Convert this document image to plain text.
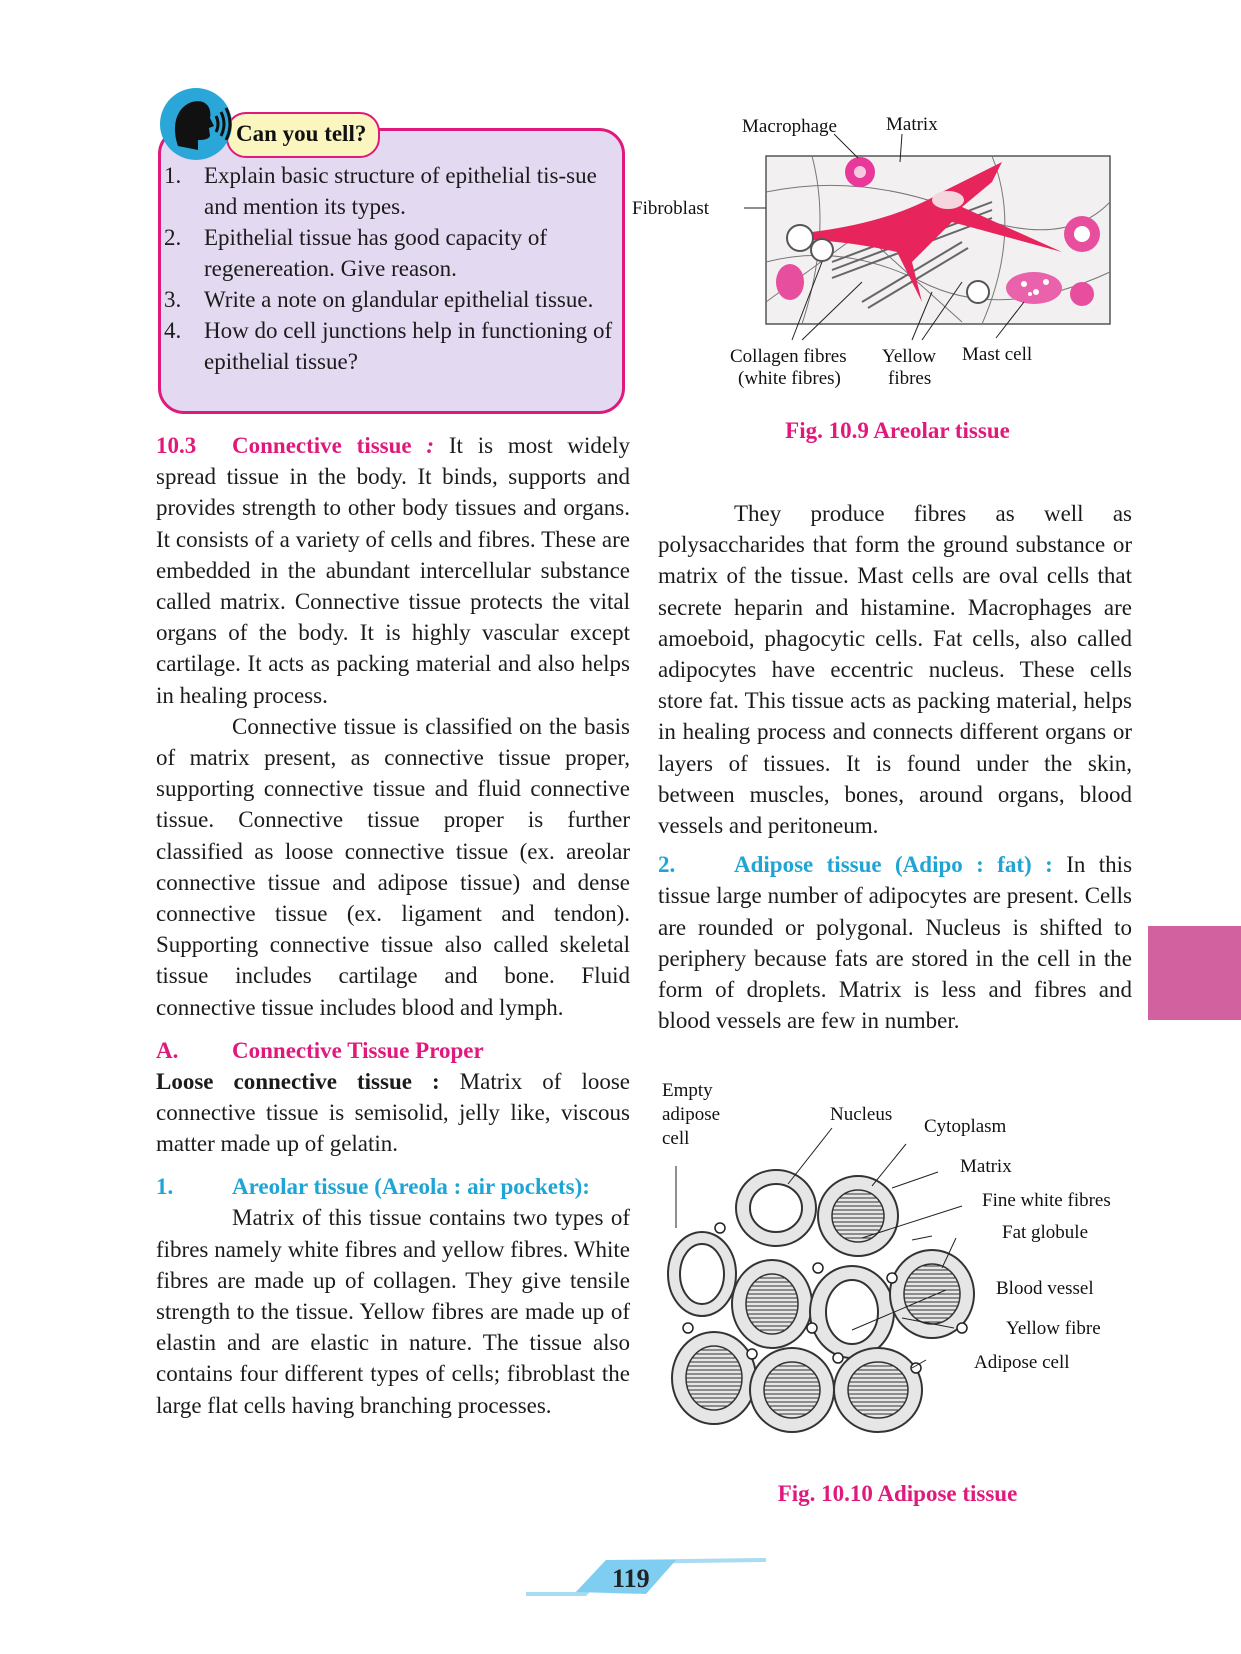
Can you tell?
1. Explain basic structure of epithelial tis-sue and mention its types.
2. Epithelial tissue has good capacity of regenereation. Give reason.
3. Write a note on glandular epithelial tissue.
4. How do cell junctions help in functioning of epithelial tissue?

10.3 Connective tissue : It is most widely spread tissue in the body. It binds, supports and provides strength to other body tissues and organs. It consists of a variety of cells and fibres. These are embedded in the abundant intercellular substance called matrix. Connective tissue protects the vital organs of the body. It is highly vascular except cartilage. It acts as packing material and also helps in healing process.

Connective tissue is classified on the basis of matrix present, as connective tissue proper, supporting connective tissue and fluid connective tissue. Connective tissue proper is further classified as loose connective tissue (ex. areolar connective tissue and adipose tissue) and dense connective tissue (ex. ligament and tendon). Supporting connective tissue also called skeletal tissue includes cartilage and bone. Fluid connective tissue includes blood and lymph.

A. Connective Tissue Proper

Loose connective tissue : Matrix of loose connective tissue is semisolid, jelly like, viscous matter made up of gelatin.

1.	Areolar tissue (Areola : air pockets):

Matrix of this tissue contains two types of fibres namely white fibres and yellow fibres. White fibres are made up of collagen. They give tensile strength to the tissue. Yellow fibres are made up of elastin and are elastic in nature. The tissue also contains four different types of cells; fibroblast the large flat cells having branching processes.

They produce fibres as well as polysaccharides that form the ground substance or matrix of the tissue. Mast cells are oval cells that secrete heparin and histamine. Macrophages are amoeboid, phagocytic cells. Fat cells, also called adipocytes have eccentric nucleus. These cells store fat. This tissue acts as packing material, helps in healing process and connects different organs or layers of tissues. It is found under the skin, between muscles, bones, around organs, blood vessels and peritoneum.

2.	Adipose tissue (Adipo : fat) : In this tissue large number of adipocytes are present. Cells are rounded or polygonal. Nucleus is shifted to periphery because fats are stored in the cell in the form of droplets. Matrix is less and fibres and blood vessels are few in number.

Macrophage	Matrix
Fibroblast
Collagen fibres
(white fibres)
Yellow
fibres
Mast cell
Fig. 10.9 Areolar tissue
Empty
adipose
cell
Nucleus
Cytoplasm
Matrix
Fine white fibres
Fat globule
Blood vessel
Yellow fibre
Adipose cell
Fig. 10.10 Adipose tissue
119
